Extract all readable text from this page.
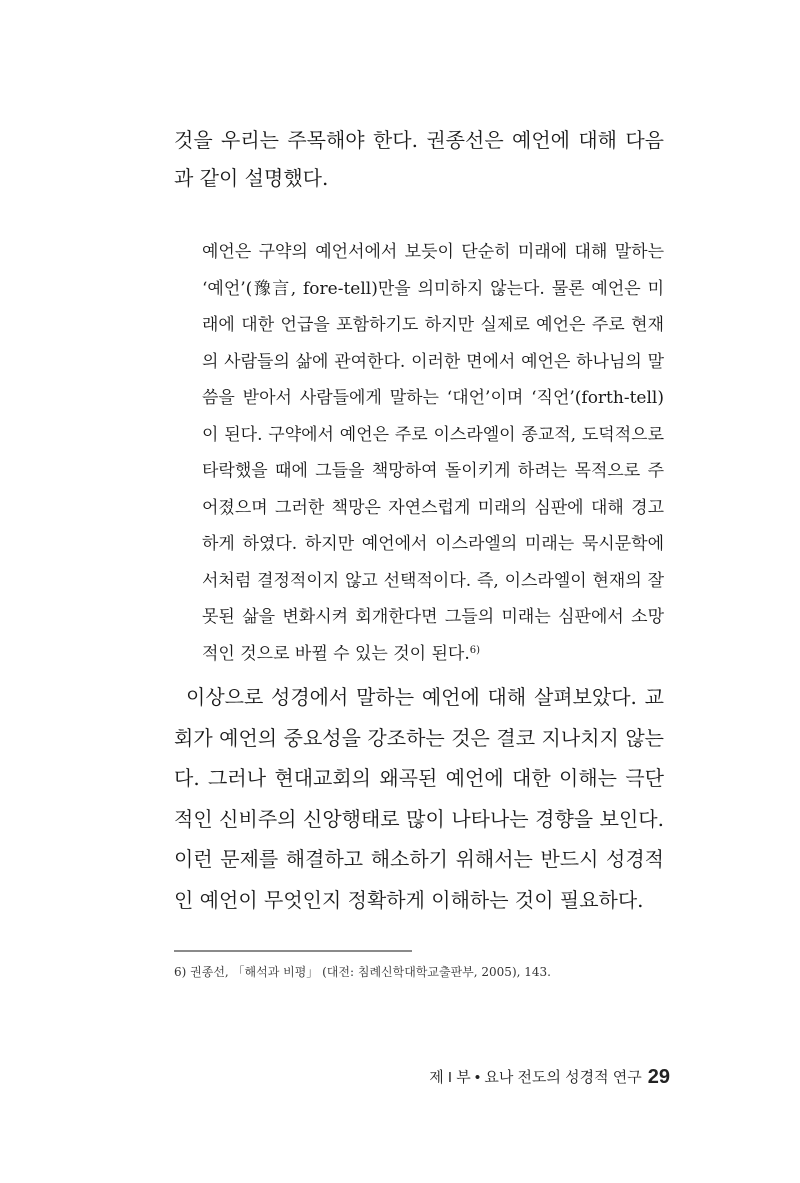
것을 우리는 주목해야 한다. 권종선은 예언에 대해 다음과 같이 설명했다.

예언은 구약의 예언서에서 보듯이 단순히 미래에 대해 말하는 ‘예언’(豫言, fore-tell)만을 의미하지 않는다. 물론 예언은 미래에 대한 언급을 포함하기도 하지만 실제로 예언은 주로 현재의 사람들의 삶에 관여한다. 이러한 면에서 예언은 하나님의 말씀을 받아서 사람들에게 말하는 ‘대언’이며 ‘직언’(forth-tell)이 된다. 구약에서 예언은 주로 이스라엘이 종교적, 도덕적으로 타락했을 때에 그들을 책망하여 돌이키게 하려는 목적으로 주어졌으며 그러한 책망은 자연스럽게 미래의 심판에 대해 경고하게 하였다. 하지만 예언에서 이스라엘의 미래는 묵시문학에서처럼 결정적이지 않고 선택적이다. 즉, 이스라엘이 현재의 잘못된 삶을 변화시켜 회개한다면 그들의 미래는 심판에서 소망적인 것으로 바뀔 수 있는 것이 된다.$^{6)}$

이상으로 성경에서 말하는 예언에 대해 살펴보았다. 교회가 예언의 중요성을 강조하는 것은 결코 지나치지 않는다. 그러나 현대교회의 왜곡된 예언에 대한 이해는 극단적인 신비주의 신앙행태로 많이 나타나는 경향을 보인다. 이런 문제를 해결하고 해소하기 위해서는 반드시 성경적인 예언이 무엇인지 정확하게 이해하는 것이 필요하다.

6) 권종선, 「해석과 비평」 (대전: 침례신학대학교출판부, 2005), 143.
제 I 부 • 요나 전도의 성경적 연구 29
